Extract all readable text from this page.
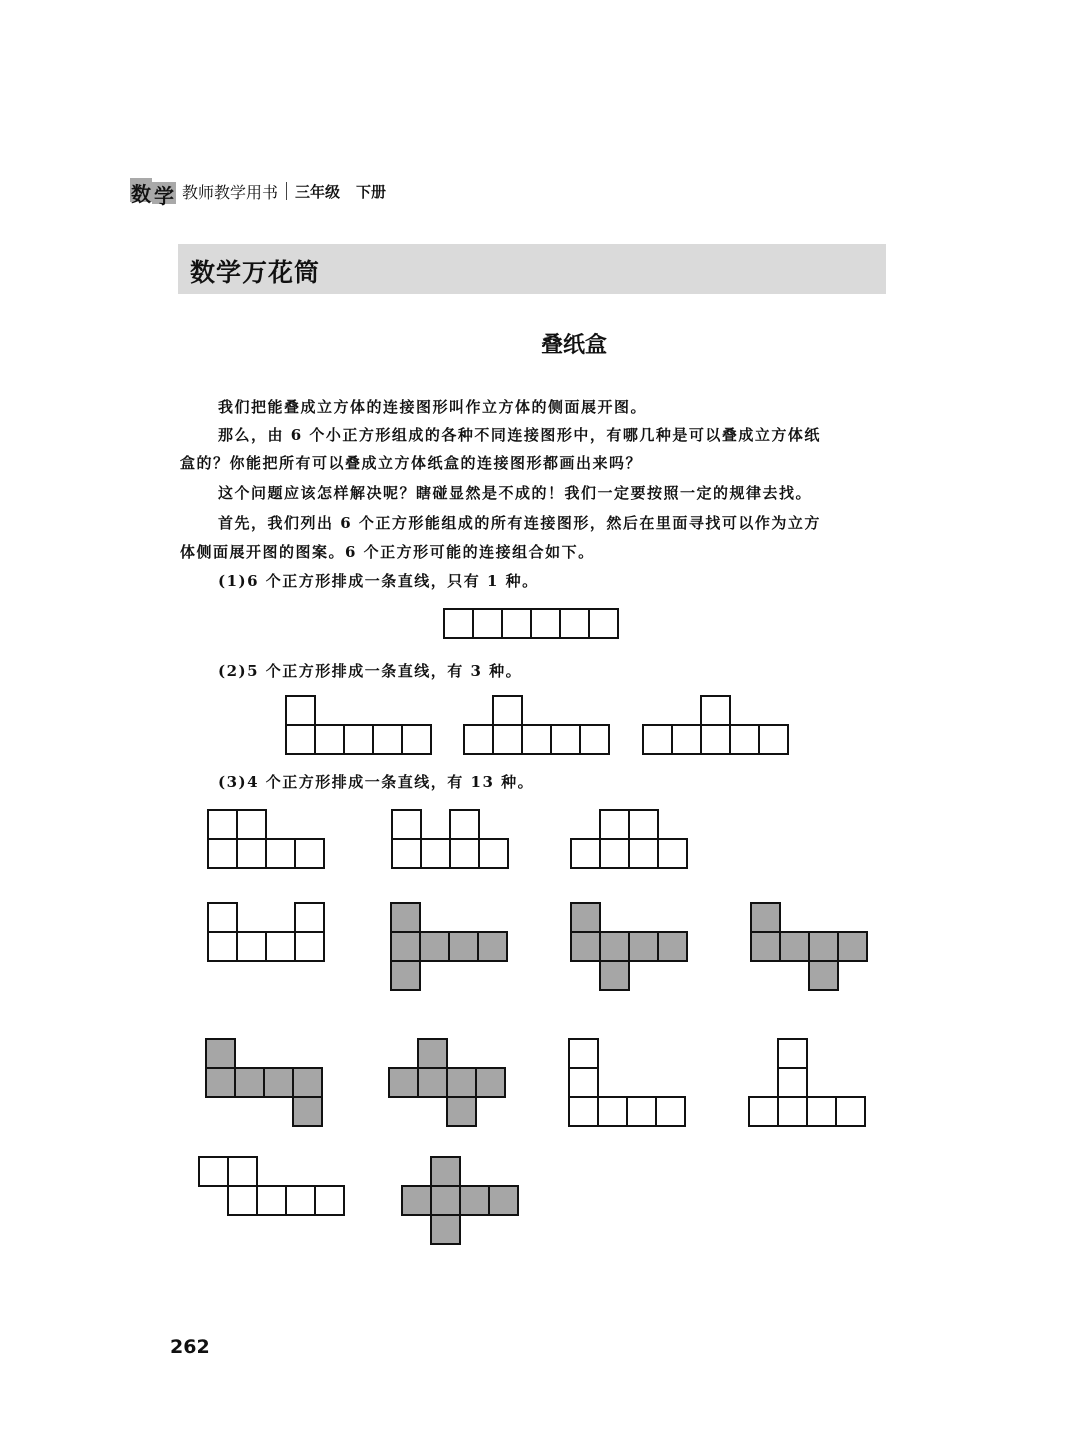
数 学 教师教学用书 三年级 下册
数学万花筒
叠纸盒
我们把能叠成立方体的连接图形叫作立方体的侧面展开图。
那么，由 6 个小正方形组成的各种不同连接图形中，有哪几种是可以叠成立方体纸
盒的？你能把所有可以叠成立方体纸盒的连接图形都画出来吗？
这个问题应该怎样解决呢？瞎碰显然是不成的！我们一定要按照一定的规律去找。
首先，我们列出 6 个正方形能组成的所有连接图形，然后在里面寻找可以作为立方
体侧面展开图的图案。6 个正方形可能的连接组合如下。
(1)6 个正方形排成一条直线，只有 1 种。
(2)5 个正方形排成一条直线，有 3 种。
(3)4 个正方形排成一条直线，有 13 种。
262
